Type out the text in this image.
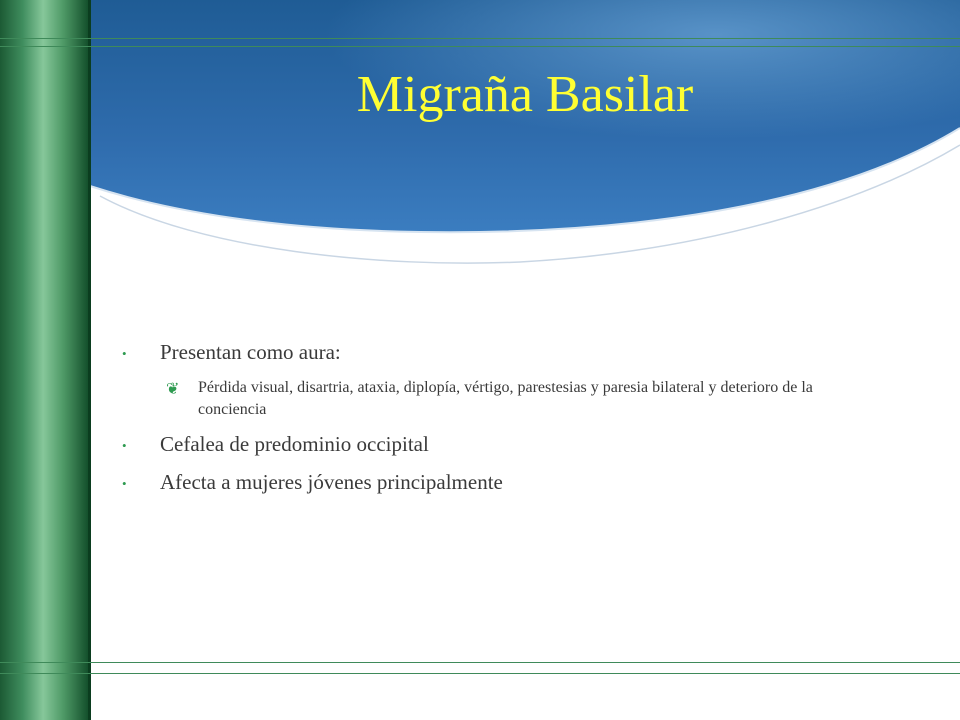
Migraña Basilar
• Presentan como aura:
❦ Pérdida visual, disartria, ataxia, diplopía, vértigo, parestesias y paresia bilateral y deterioro de la conciencia
• Cefalea de predominio occipital
• Afecta a mujeres jóvenes principalmente
